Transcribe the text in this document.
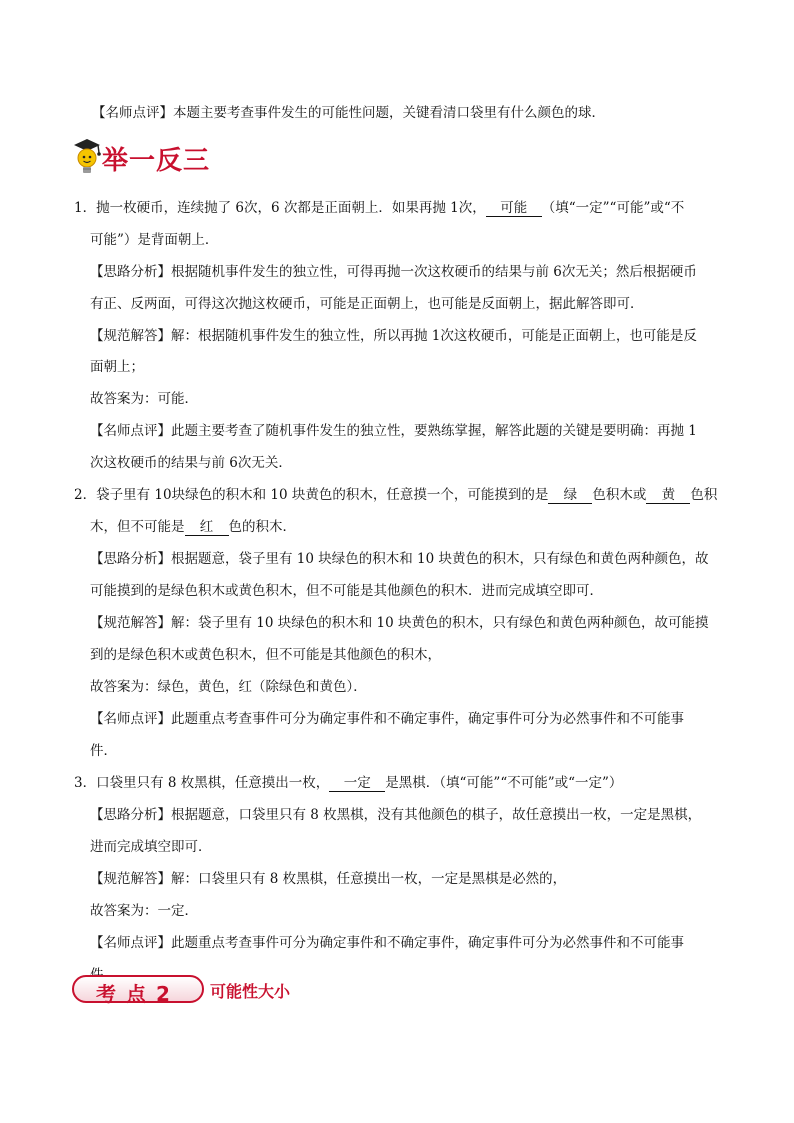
【名师点评】本题主要考查事件发生的可能性问题，关键看清口袋里有什么颜色的球．
举一反三
1．抛一枚硬币，连续抛了 6次，6 次都是正面朝上．如果再抛 1次， 可能 （填“一定”“可能”或“不
可能”）是背面朝上．
【思路分析】根据随机事件发生的独立性，可得再抛一次这枚硬币的结果与前 6次无关；然后根据硬币
有正、反两面，可得这次抛这枚硬币，可能是正面朝上，也可能是反面朝上，据此解答即可．
【规范解答】解：根据随机事件发生的独立性，所以再抛 1次这枚硬币，可能是正面朝上，也可能是反
面朝上；
故答案为：可能．
【名师点评】此题主要考查了随机事件发生的独立性，要熟练掌握，解答此题的关键是要明确：再抛 1
次这枚硬币的结果与前 6次无关．
2．袋子里有 10块绿色的积木和 10 块黄色的积木，任意摸一个，可能摸到的是 绿 色积木或 黄 色积
木，但不可能是 红 色的积木．
【思路分析】根据题意，袋子里有 10 块绿色的积木和 10 块黄色的积木，只有绿色和黄色两种颜色，故
可能摸到的是绿色积木或黄色积木，但不可能是其他颜色的积木．进而完成填空即可．
【规范解答】解：袋子里有 10 块绿色的积木和 10 块黄色的积木，只有绿色和黄色两种颜色，故可能摸
到的是绿色积木或黄色积木，但不可能是其他颜色的积木，
故答案为：绿色，黄色，红（除绿色和黄色）．
【名师点评】此题重点考查事件可分为确定事件和不确定事件，确定事件可分为必然事件和不可能事
件．
3．口袋里只有 8 枚黑棋，任意摸出一枚， 一定 是黑棋．（填“可能”“不可能”或“一定”）
【思路分析】根据题意，口袋里只有 8 枚黑棋，没有其他颜色的棋子，故任意摸出一枚，一定是黑棋，
进而完成填空即可．
【规范解答】解：口袋里只有 8 枚黑棋，任意摸出一枚，一定是黑棋是必然的，
故答案为：一定．
【名师点评】此题重点考查事件可分为确定事件和不确定事件，确定事件可分为必然事件和不可能事
考点2	可能性大小
